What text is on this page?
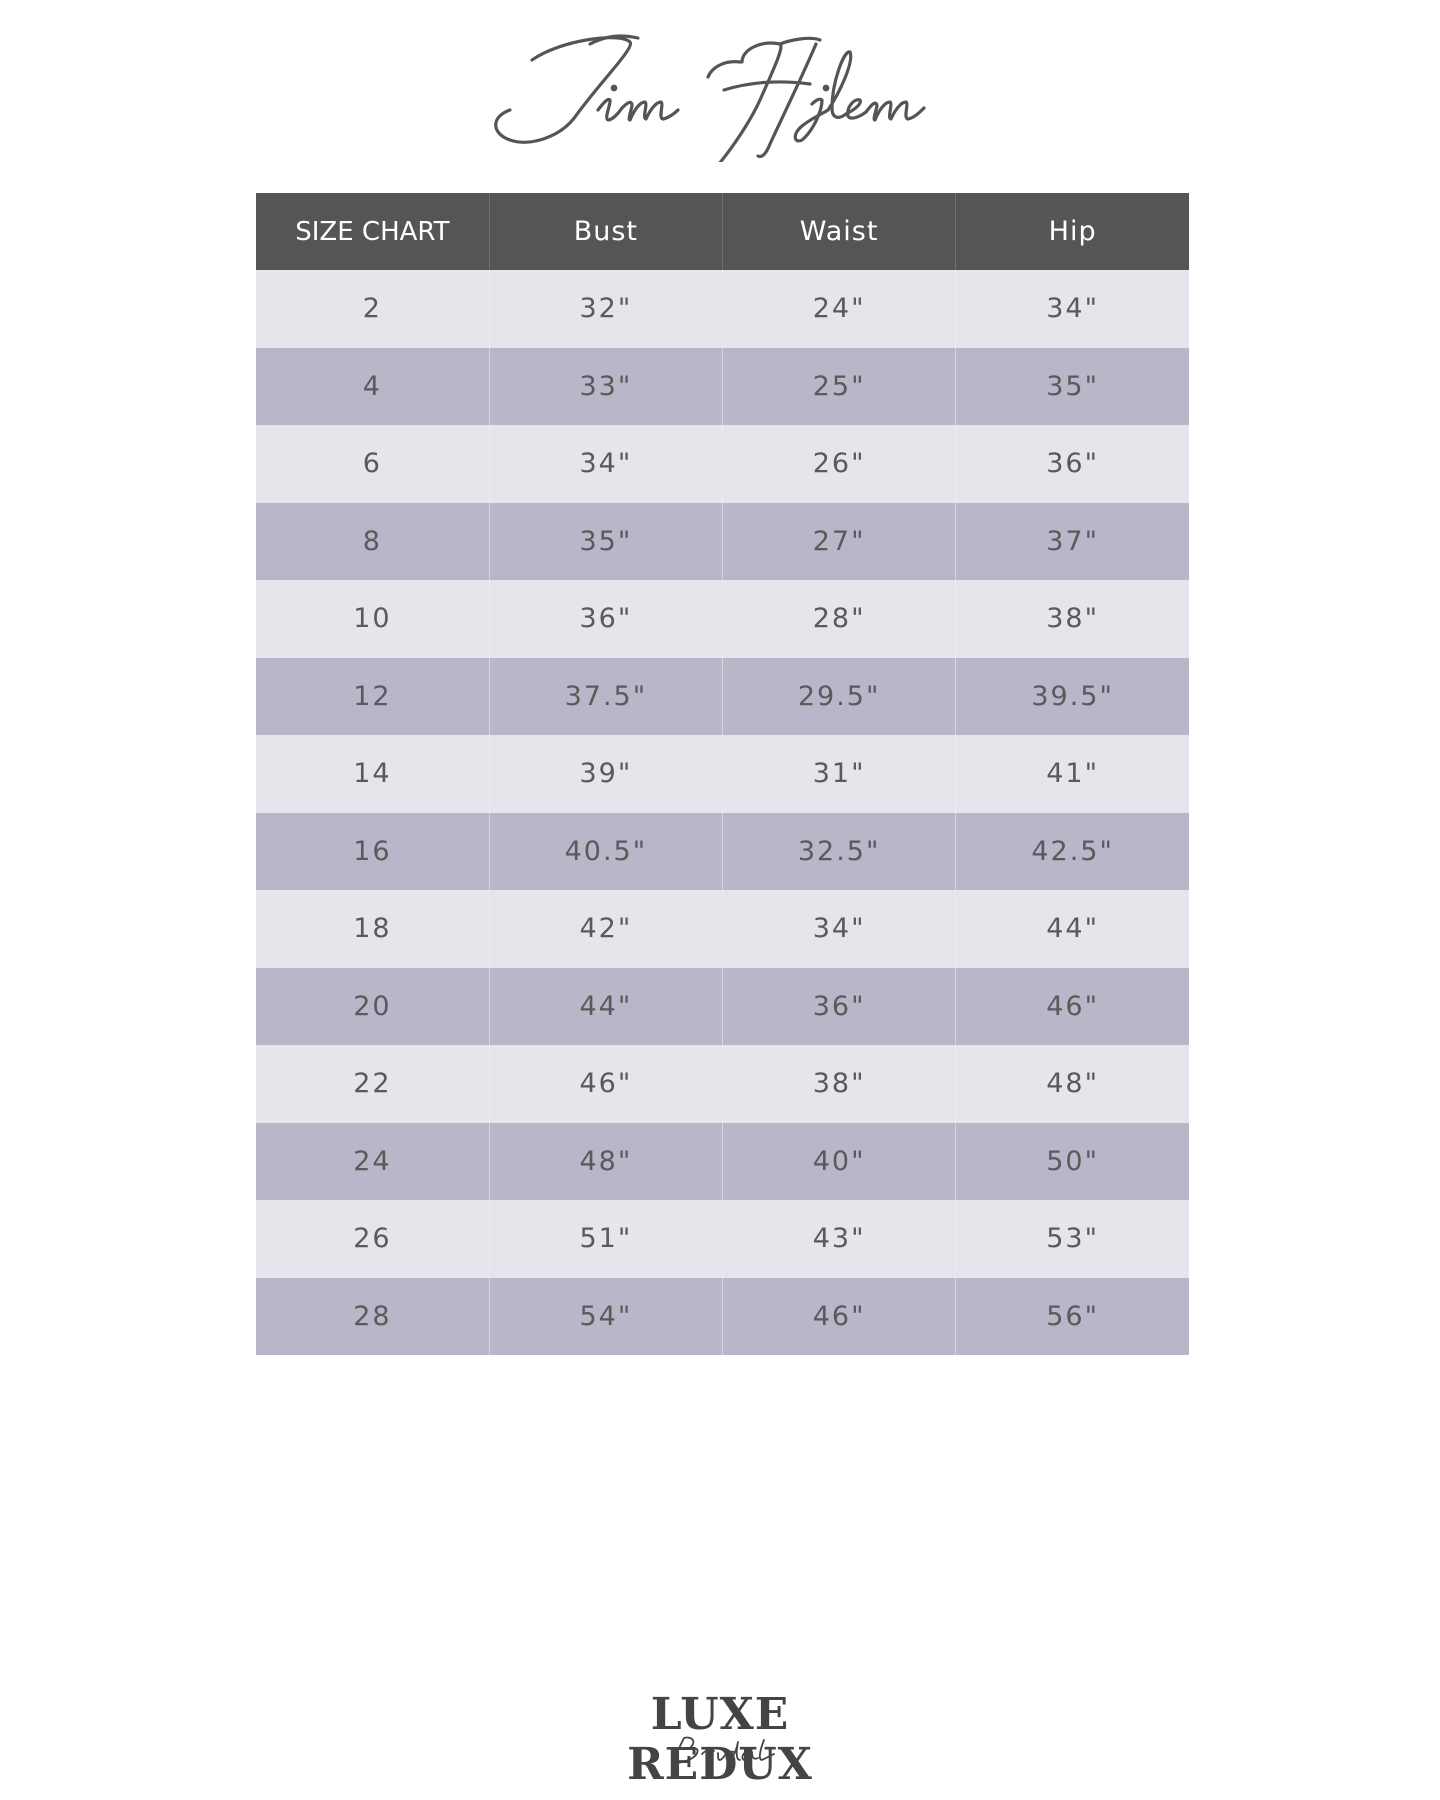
SIZE CHART	Bust	Waist	Hip
2	32"	24"	34"
4	33"	25"	35"
6	34"	26"	36"
8	35"	27"	37"
10	36"	28"	38"
12	37.5"	29.5"	39.5"
14	39"	31"	41"
16	40.5"	32.5"	42.5"
18	42"	34"	44"
20	44"	36"	46"
22	46"	38"	48"
24	48"	40"	50"
26	51"	43"	53"
28	54"	46"	56"
LUXE REDUX
